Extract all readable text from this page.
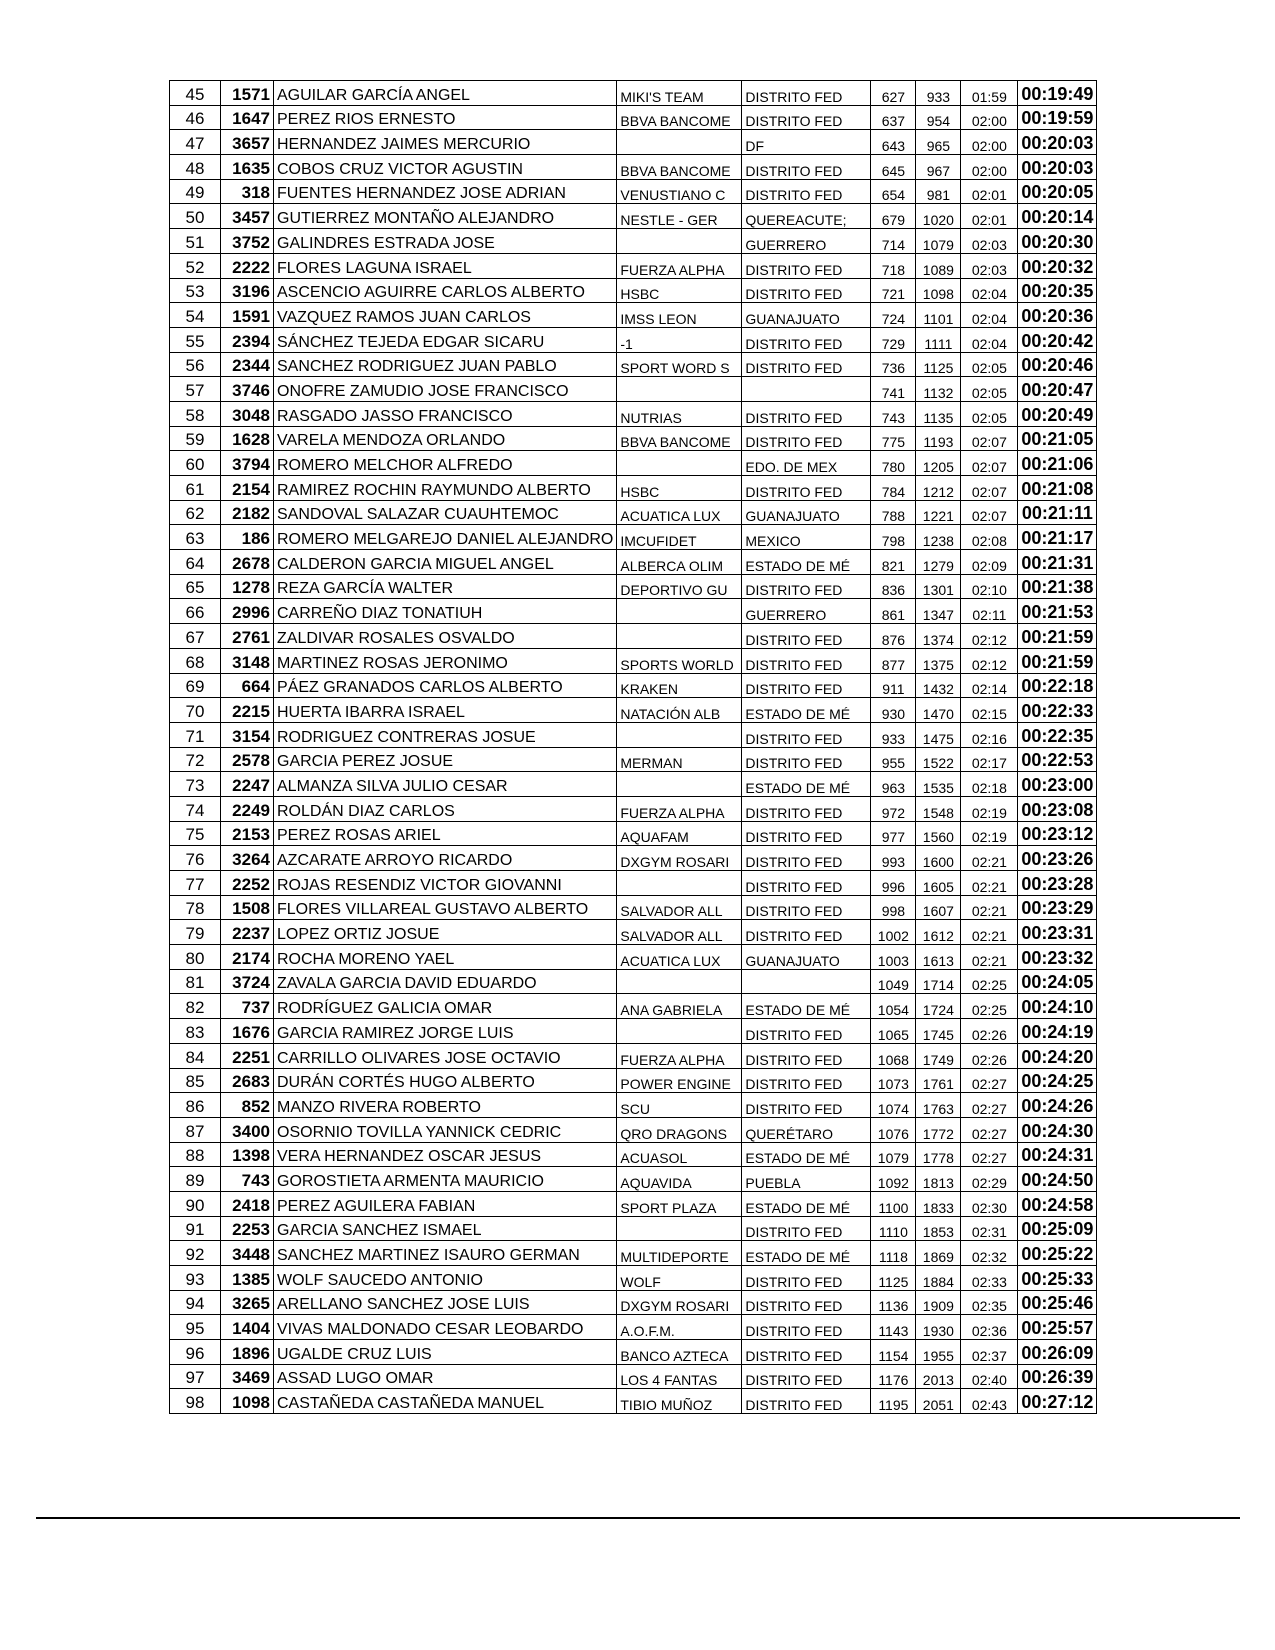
45	1571	AGUILAR GARCÍA ANGEL	MIKI'S TEAM	DISTRITO FED	627	933	01:59	00:19:49
46	1647	PEREZ RIOS ERNESTO	BBVA BANCOME	DISTRITO FED	637	954	02:00	00:19:59
47	3657	HERNANDEZ JAIMES MERCURIO		DF	643	965	02:00	00:20:03
48	1635	COBOS CRUZ VICTOR AGUSTIN	BBVA BANCOME	DISTRITO FED	645	967	02:00	00:20:03
49	318	FUENTES HERNANDEZ JOSE ADRIAN	VENUSTIANO C	DISTRITO FED	654	981	02:01	00:20:05
50	3457	GUTIERREZ MONTAÑO ALEJANDRO	NESTLE - GER	QUEREACUTE;	679	1020	02:01	00:20:14
51	3752	GALINDRES ESTRADA JOSE		GUERRERO	714	1079	02:03	00:20:30
52	2222	FLORES LAGUNA ISRAEL	FUERZA ALPHA	DISTRITO FED	718	1089	02:03	00:20:32
53	3196	ASCENCIO AGUIRRE CARLOS ALBERTO	HSBC	DISTRITO FED	721	1098	02:04	00:20:35
54	1591	VAZQUEZ RAMOS JUAN CARLOS	IMSS LEON	GUANAJUATO	724	1101	02:04	00:20:36
55	2394	SÁNCHEZ TEJEDA EDGAR SICARU	-1	DISTRITO FED	729	1111	02:04	00:20:42
56	2344	SANCHEZ RODRIGUEZ JUAN PABLO	SPORT WORD S	DISTRITO FED	736	1125	02:05	00:20:46
57	3746	ONOFRE ZAMUDIO JOSE FRANCISCO			741	1132	02:05	00:20:47
58	3048	RASGADO JASSO FRANCISCO	NUTRIAS	DISTRITO FED	743	1135	02:05	00:20:49
59	1628	VARELA MENDOZA ORLANDO	BBVA BANCOME	DISTRITO FED	775	1193	02:07	00:21:05
60	3794	ROMERO MELCHOR ALFREDO		EDO. DE MEX	780	1205	02:07	00:21:06
61	2154	RAMIREZ ROCHIN RAYMUNDO ALBERTO	HSBC	DISTRITO FED	784	1212	02:07	00:21:08
62	2182	SANDOVAL SALAZAR CUAUHTEMOC	ACUATICA LUX	GUANAJUATO	788	1221	02:07	00:21:11
63	186	ROMERO MELGAREJO DANIEL ALEJANDRO	IMCUFIDET	MEXICO	798	1238	02:08	00:21:17
64	2678	CALDERON GARCIA MIGUEL ANGEL	ALBERCA OLIM	ESTADO DE MÉ	821	1279	02:09	00:21:31
65	1278	REZA GARCÍA WALTER	DEPORTIVO GU	DISTRITO FED	836	1301	02:10	00:21:38
66	2996	CARREÑO DIAZ TONATIUH		GUERRERO	861	1347	02:11	00:21:53
67	2761	ZALDIVAR ROSALES OSVALDO		DISTRITO FED	876	1374	02:12	00:21:59
68	3148	MARTINEZ ROSAS JERONIMO	SPORTS WORLD	DISTRITO FED	877	1375	02:12	00:21:59
69	664	PÁEZ GRANADOS CARLOS ALBERTO	KRAKEN	DISTRITO FED	911	1432	02:14	00:22:18
70	2215	HUERTA IBARRA ISRAEL	NATACIÓN ALB	ESTADO DE MÉ	930	1470	02:15	00:22:33
71	3154	RODRIGUEZ CONTRERAS JOSUE		DISTRITO FED	933	1475	02:16	00:22:35
72	2578	GARCIA PEREZ JOSUE	MERMAN	DISTRITO FED	955	1522	02:17	00:22:53
73	2247	ALMANZA SILVA JULIO CESAR		ESTADO DE MÉ	963	1535	02:18	00:23:00
74	2249	ROLDÁN DIAZ CARLOS	FUERZA ALPHA	DISTRITO FED	972	1548	02:19	00:23:08
75	2153	PEREZ ROSAS ARIEL	AQUAFAM	DISTRITO FED	977	1560	02:19	00:23:12
76	3264	AZCARATE ARROYO RICARDO	DXGYM ROSARI	DISTRITO FED	993	1600	02:21	00:23:26
77	2252	ROJAS RESENDIZ VICTOR GIOVANNI		DISTRITO FED	996	1605	02:21	00:23:28
78	1508	FLORES VILLAREAL GUSTAVO ALBERTO	SALVADOR ALL	DISTRITO FED	998	1607	02:21	00:23:29
79	2237	LOPEZ ORTIZ JOSUE	SALVADOR ALL	DISTRITO FED	1002	1612	02:21	00:23:31
80	2174	ROCHA MORENO YAEL	ACUATICA LUX	GUANAJUATO	1003	1613	02:21	00:23:32
81	3724	ZAVALA GARCIA DAVID EDUARDO			1049	1714	02:25	00:24:05
82	737	RODRÍGUEZ GALICIA OMAR	ANA GABRIELA	ESTADO DE MÉ	1054	1724	02:25	00:24:10
83	1676	GARCIA RAMIREZ JORGE LUIS		DISTRITO FED	1065	1745	02:26	00:24:19
84	2251	CARRILLO OLIVARES JOSE OCTAVIO	FUERZA ALPHA	DISTRITO FED	1068	1749	02:26	00:24:20
85	2683	DURÁN CORTÉS HUGO ALBERTO	POWER ENGINE	DISTRITO FED	1073	1761	02:27	00:24:25
86	852	MANZO RIVERA ROBERTO	SCU	DISTRITO FED	1074	1763	02:27	00:24:26
87	3400	OSORNIO TOVILLA YANNICK CEDRIC	QRO DRAGONS	QUERÉTARO	1076	1772	02:27	00:24:30
88	1398	VERA HERNANDEZ OSCAR JESUS	ACUASOL	ESTADO DE MÉ	1079	1778	02:27	00:24:31
89	743	GOROSTIETA ARMENTA MAURICIO	AQUAVIDA	PUEBLA	1092	1813	02:29	00:24:50
90	2418	PEREZ AGUILERA FABIAN	SPORT PLAZA	ESTADO DE MÉ	1100	1833	02:30	00:24:58
91	2253	GARCIA SANCHEZ ISMAEL		DISTRITO FED	1110	1853	02:31	00:25:09
92	3448	SANCHEZ MARTINEZ ISAURO GERMAN	MULTIDEPORTE	ESTADO DE MÉ	1118	1869	02:32	00:25:22
93	1385	WOLF SAUCEDO ANTONIO	WOLF	DISTRITO FED	1125	1884	02:33	00:25:33
94	3265	ARELLANO SANCHEZ JOSE LUIS	DXGYM ROSARI	DISTRITO FED	1136	1909	02:35	00:25:46
95	1404	VIVAS MALDONADO CESAR LEOBARDO	A.O.F.M.	DISTRITO FED	1143	1930	02:36	00:25:57
96	1896	UGALDE CRUZ LUIS	BANCO AZTECA	DISTRITO FED	1154	1955	02:37	00:26:09
97	3469	ASSAD LUGO OMAR	LOS 4 FANTAS	DISTRITO FED	1176	2013	02:40	00:26:39
98	1098	CASTAÑEDA CASTAÑEDA MANUEL	TIBIO MUÑOZ	DISTRITO FED	1195	2051	02:43	00:27:12
